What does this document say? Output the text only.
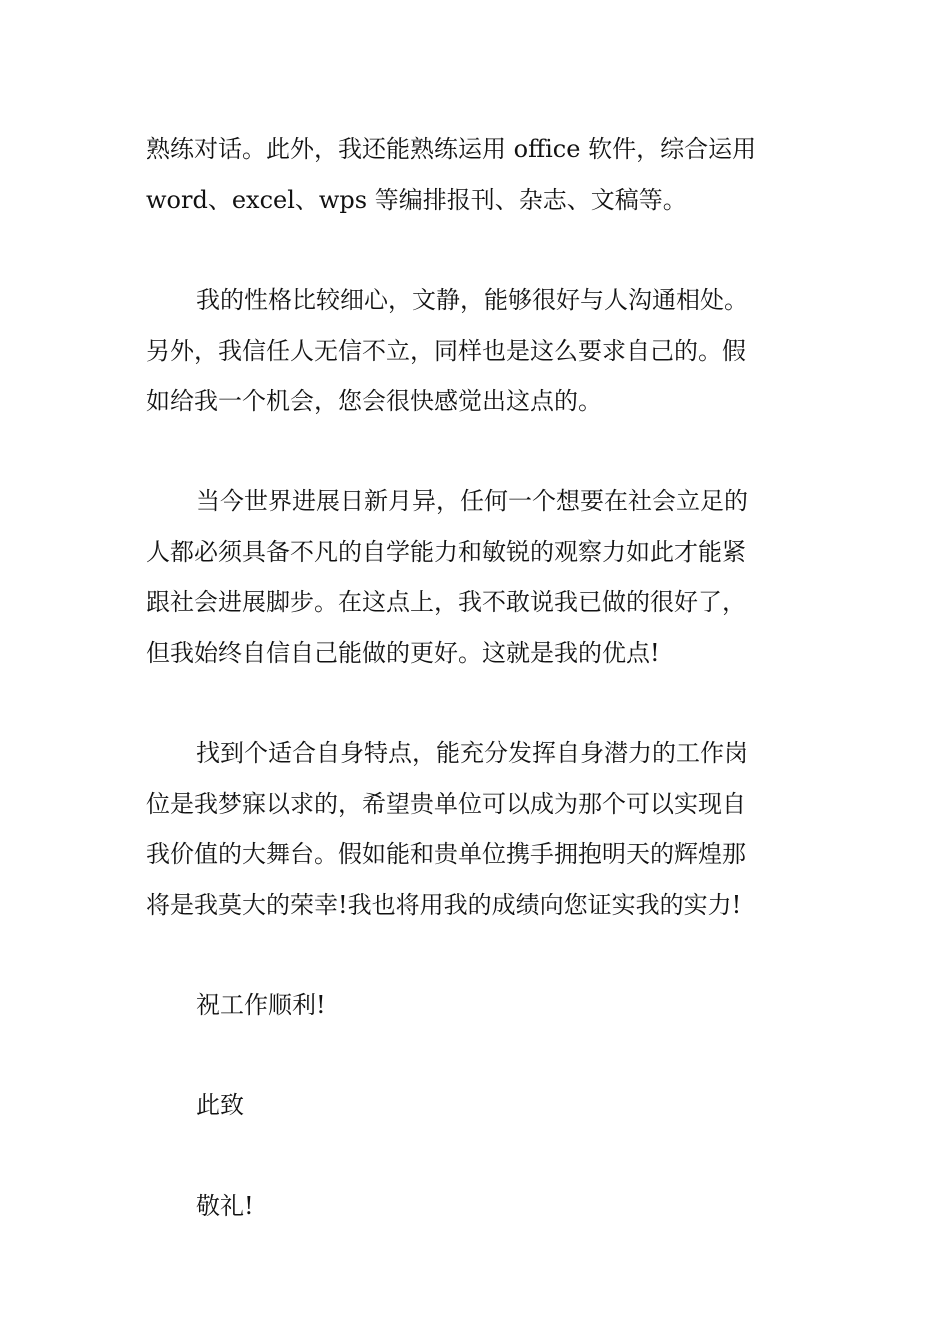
熟练对话。此外，我还能熟练运用 office 软件，综合运用
word、excel、wps 等编排报刊、杂志、文稿等。
我的性格比较细心，文静，能够很好与人沟通相处。
另外，我信任人无信不立，同样也是这么要求自己的。假
如给我一个机会，您会很快感觉出这点的。
当今世界进展日新月异，任何一个想要在社会立足的
人都必须具备不凡的自学能力和敏锐的观察力如此才能紧
跟社会进展脚步。在这点上，我不敢说我已做的很好了，
但我始终自信自己能做的更好。这就是我的优点!
找到个适合自身特点，能充分发挥自身潜力的工作岗
位是我梦寐以求的，希望贵单位可以成为那个可以实现自
我价值的大舞台。假如能和贵单位携手拥抱明天的辉煌那
将是我莫大的荣幸!我也将用我的成绩向您证实我的实力!
祝工作顺利!
此致
敬礼!
